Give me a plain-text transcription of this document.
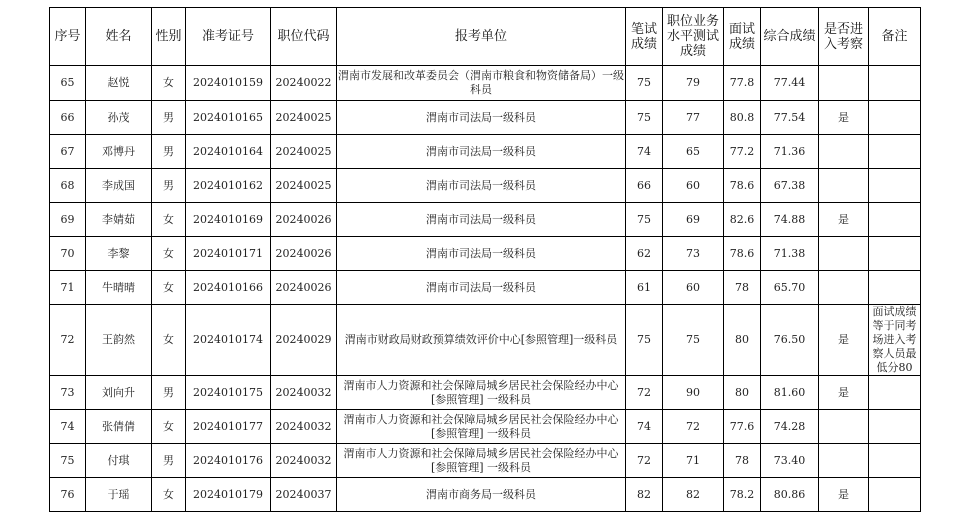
序号	姓名	性别	准考证号	职位代码	报考单位	笔试成绩	职位业务水平测试成绩	面试成绩	综合成绩	是否进入考察	备注
65	赵悦	女	2024010159	20240022	渭南市发展和改革委员会（渭南市粮食和物资储备局）一级科员	75	79	77.8	77.44		
66	孙茂	男	2024010165	20240025	渭南市司法局一级科员	75	77	80.8	77.54	是	
67	邓博丹	男	2024010164	20240025	渭南市司法局一级科员	74	65	77.2	71.36		
68	李成国	男	2024010162	20240025	渭南市司法局一级科员	66	60	78.6	67.38		
69	李婧茹	女	2024010169	20240026	渭南市司法局一级科员	75	69	82.6	74.88	是	
70	李黎	女	2024010171	20240026	渭南市司法局一级科员	62	73	78.6	71.38		
71	牛晴晴	女	2024010166	20240026	渭南市司法局一级科员	61	60	78	65.70		
72	王韵然	女	2024010174	20240029	渭南市财政局财政预算绩效评价中心[参照管理]一级科员	75	75	80	76.50	是	面试成绩等于同考场进入考察人员最低分80
73	刘向升	男	2024010175	20240032	渭南市人力资源和社会保障局城乡居民社会保险经办中心[参照管理] 一级科员	72	90	80	81.60	是	
74	张倩倩	女	2024010177	20240032	渭南市人力资源和社会保障局城乡居民社会保险经办中心[参照管理] 一级科员	74	72	77.6	74.28		
75	付琪	男	2024010176	20240032	渭南市人力资源和社会保障局城乡居民社会保险经办中心[参照管理] 一级科员	72	71	78	73.40		
76	于瑶	女	2024010179	20240037	渭南市商务局一级科员	82	82	78.2	80.86	是	
